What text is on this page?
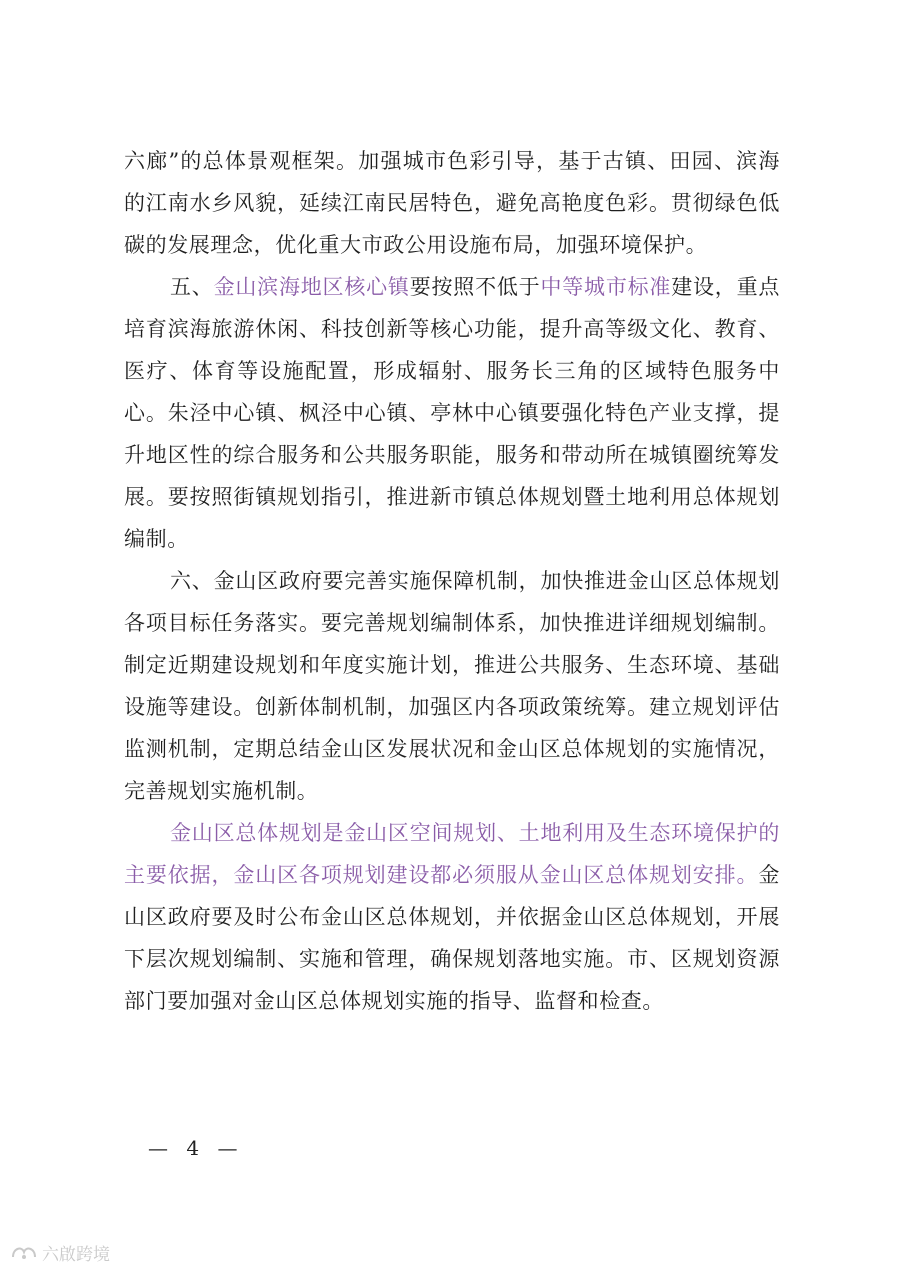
六廊”的总体景观框架。加强城市色彩引导，基于古镇、田园、滨海的江南水乡风貌，延续江南民居特色，避免高艳度色彩。贯彻绿色低碳的发展理念，优化重大市政公用设施布局，加强环境保护。

五、金山滨海地区核心镇要按照不低于中等城市标准建设，重点培育滨海旅游休闲、科技创新等核心功能，提升高等级文化、教育、医疗、体育等设施配置，形成辐射、服务长三角的区域特色服务中心。朱泾中心镇、枫泾中心镇、亭林中心镇要强化特色产业支撑，提升地区性的综合服务和公共服务职能，服务和带动所在城镇圈统筹发展。要按照街镇规划指引，推进新市镇总体规划暨土地利用总体规划编制。

六、金山区政府要完善实施保障机制，加快推进金山区总体规划各项目标任务落实。要完善规划编制体系，加快推进详细规划编制。制定近期建设规划和年度实施计划，推进公共服务、生态环境、基础设施等建设。创新体制机制，加强区内各项政策统筹。建立规划评估监测机制，定期总结金山区发展状况和金山区总体规划的实施情况，完善规划实施机制。

金山区总体规划是金山区空间规划、土地利用及生态环境保护的主要依据，金山区各项规划建设都必须服从金山区总体规划安排。金山区政府要及时公布金山区总体规划，并依据金山区总体规划，开展下层次规划编制、实施和管理，确保规划落地实施。市、区规划资源部门要加强对金山区总体规划实施的指导、监督和检查。

— 4 —
六啟跨境
